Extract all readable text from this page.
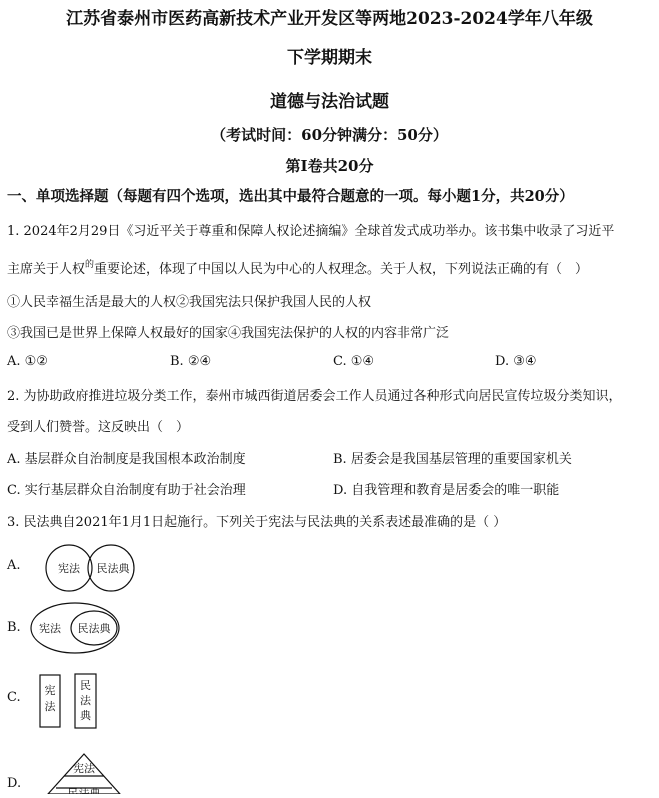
江苏省泰州市医药高新技术产业开发区等两地2023-2024学年八年级
下学期期末
道德与法治试题
（考试时间：60分钟满分：50分）
第I卷共20分
一、单项选择题（每题有四个选项，选出其中最符合题意的一项。每小题1分，共20分）
1. 2024年2月29日《习近平关于尊重和保障人权论述摘编》全球首发式成功举办。该书集中收录了习近平
主席关于人权$^的$重要论述，体现了中国以人民为中心的人权理念。关于人权，下列说法正确的有（　）
①人民幸福生活是最大的人权②我国宪法只保护我国人民的人权
③我国已是世界上保障人权最好的国家④我国宪法保护的人权的内容非常广泛
A. ①②	B. ②④	C. ①④	D. ③④
2. 为协助政府推进垃圾分类工作，泰州市城西街道居委会工作人员通过各种形式向居民宣传垃圾分类知识，
受到人们赞誉。这反映出（　）
A. 基层群众自治制度是我国根本政治制度	B. 居委会是我国基层管理的重要国家机关
C. 实行基层群众自治制度有助于社会治理	D. 自我管理和教育是居委会的唯一职能
3. 民法典自2021年1月1日起施行。下列关于宪法与民法典的关系表述最准确的是（ ）
A.	宪法 民法典
B. 宪法 民法典
C. 宪
法
民
法
典
D.
宪法
民法典
